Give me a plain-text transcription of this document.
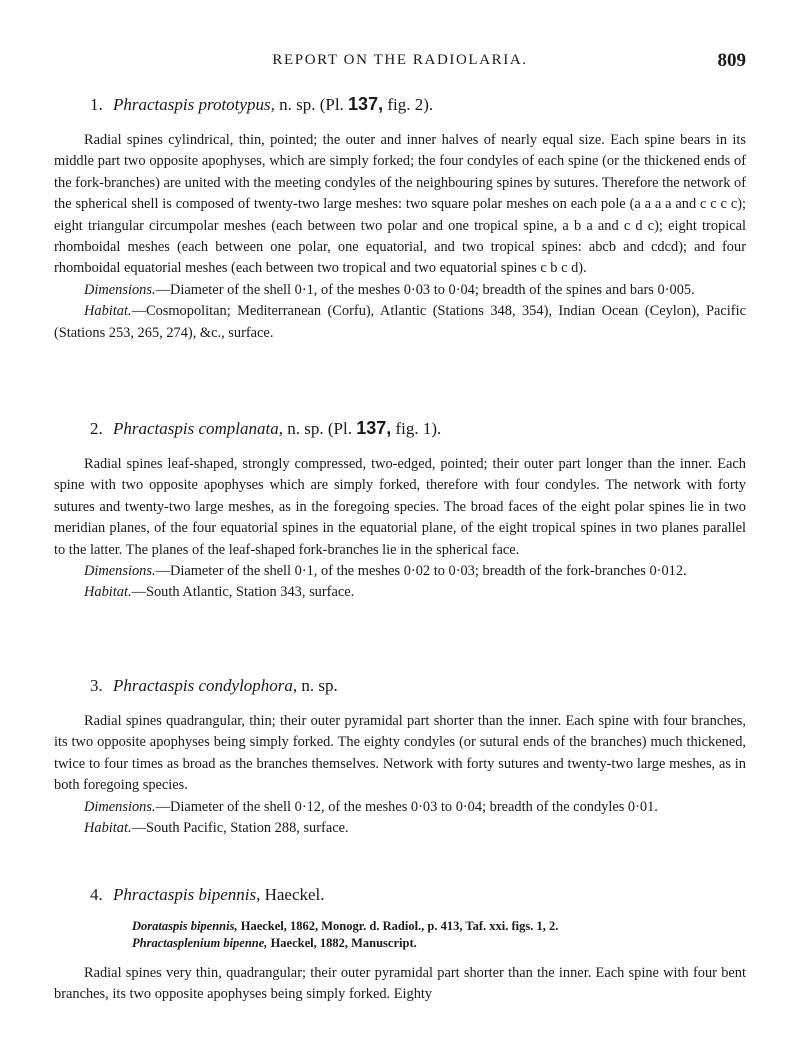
REPORT ON THE RADIOLARIA.	809
1. Phractaspis prototypus, n. sp. (Pl. 137, fig. 2).

Radial spines cylindrical, thin, pointed; the outer and inner halves of nearly equal size. Each spine bears in its middle part two opposite apophyses, which are simply forked; the four condyles of each spine (or the thickened ends of the fork-branches) are united with the meeting condyles of the neighbouring spines by sutures. Therefore the network of the spherical shell is composed of twenty-two large meshes: two square polar meshes on each pole (a a a a and c c c c); eight triangular circumpolar meshes (each between two polar and one tropical spine, a b a and c d c); eight tropical rhomboidal meshes (each between one polar, one equatorial, and two tropical spines: abcb and cdcd); and four rhomboidal equatorial meshes (each between two tropical and two equatorial spines c b c d).

Dimensions.—Diameter of the shell 0·1, of the meshes 0·03 to 0·04; breadth of the spines and bars 0·005.

Habitat.—Cosmopolitan; Mediterranean (Corfu), Atlantic (Stations 348, 354), Indian Ocean (Ceylon), Pacific (Stations 253, 265, 274), &c., surface.

2. Phractaspis complanata, n. sp. (Pl. 137, fig. 1).

Radial spines leaf-shaped, strongly compressed, two-edged, pointed; their outer part longer than the inner. Each spine with two opposite apophyses which are simply forked, therefore with four condyles. The network with forty sutures and twenty-two large meshes, as in the foregoing species. The broad faces of the eight polar spines lie in two meridian planes, of the four equatorial spines in the equatorial plane, of the eight tropical spines in two planes parallel to the latter. The planes of the leaf-shaped fork-branches lie in the spherical face.

Dimensions.—Diameter of the shell 0·1, of the meshes 0·02 to 0·03; breadth of the fork-branches 0·012.

Habitat.—South Atlantic, Station 343, surface.

3. Phractaspis condylophora, n. sp.

Radial spines quadrangular, thin; their outer pyramidal part shorter than the inner. Each spine with four branches, its two opposite apophyses being simply forked. The eighty condyles (or sutural ends of the branches) much thickened, twice to four times as broad as the branches themselves. Network with forty sutures and twenty-two large meshes, as in both foregoing species.

Dimensions.—Diameter of the shell 0·12, of the meshes 0·03 to 0·04; breadth of the condyles 0·01.

Habitat.—South Pacific, Station 288, surface.

4. Phractaspis bipennis, Haeckel.
Dorataspis bipennis, Haeckel, 1862, Monogr. d. Radiol., p. 413, Taf. xxi. figs. 1, 2.
Phractasplenium bipenne, Haeckel, 1882, Manuscript.

Radial spines very thin, quadrangular; their outer pyramidal part shorter than the inner. Each spine with four bent branches, its two opposite apophyses being simply forked. Eighty
